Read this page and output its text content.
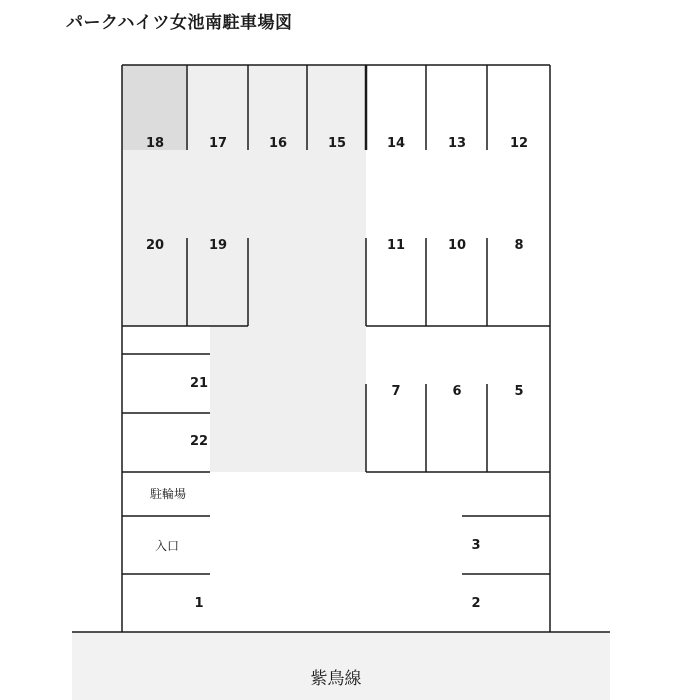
パークハイツ女池南駐車場図
18	17	16	15	14	13	12
20	19	11	10	8
21
22
7	6	5
3
1	2
駐輪場
入口
紫鳥線
